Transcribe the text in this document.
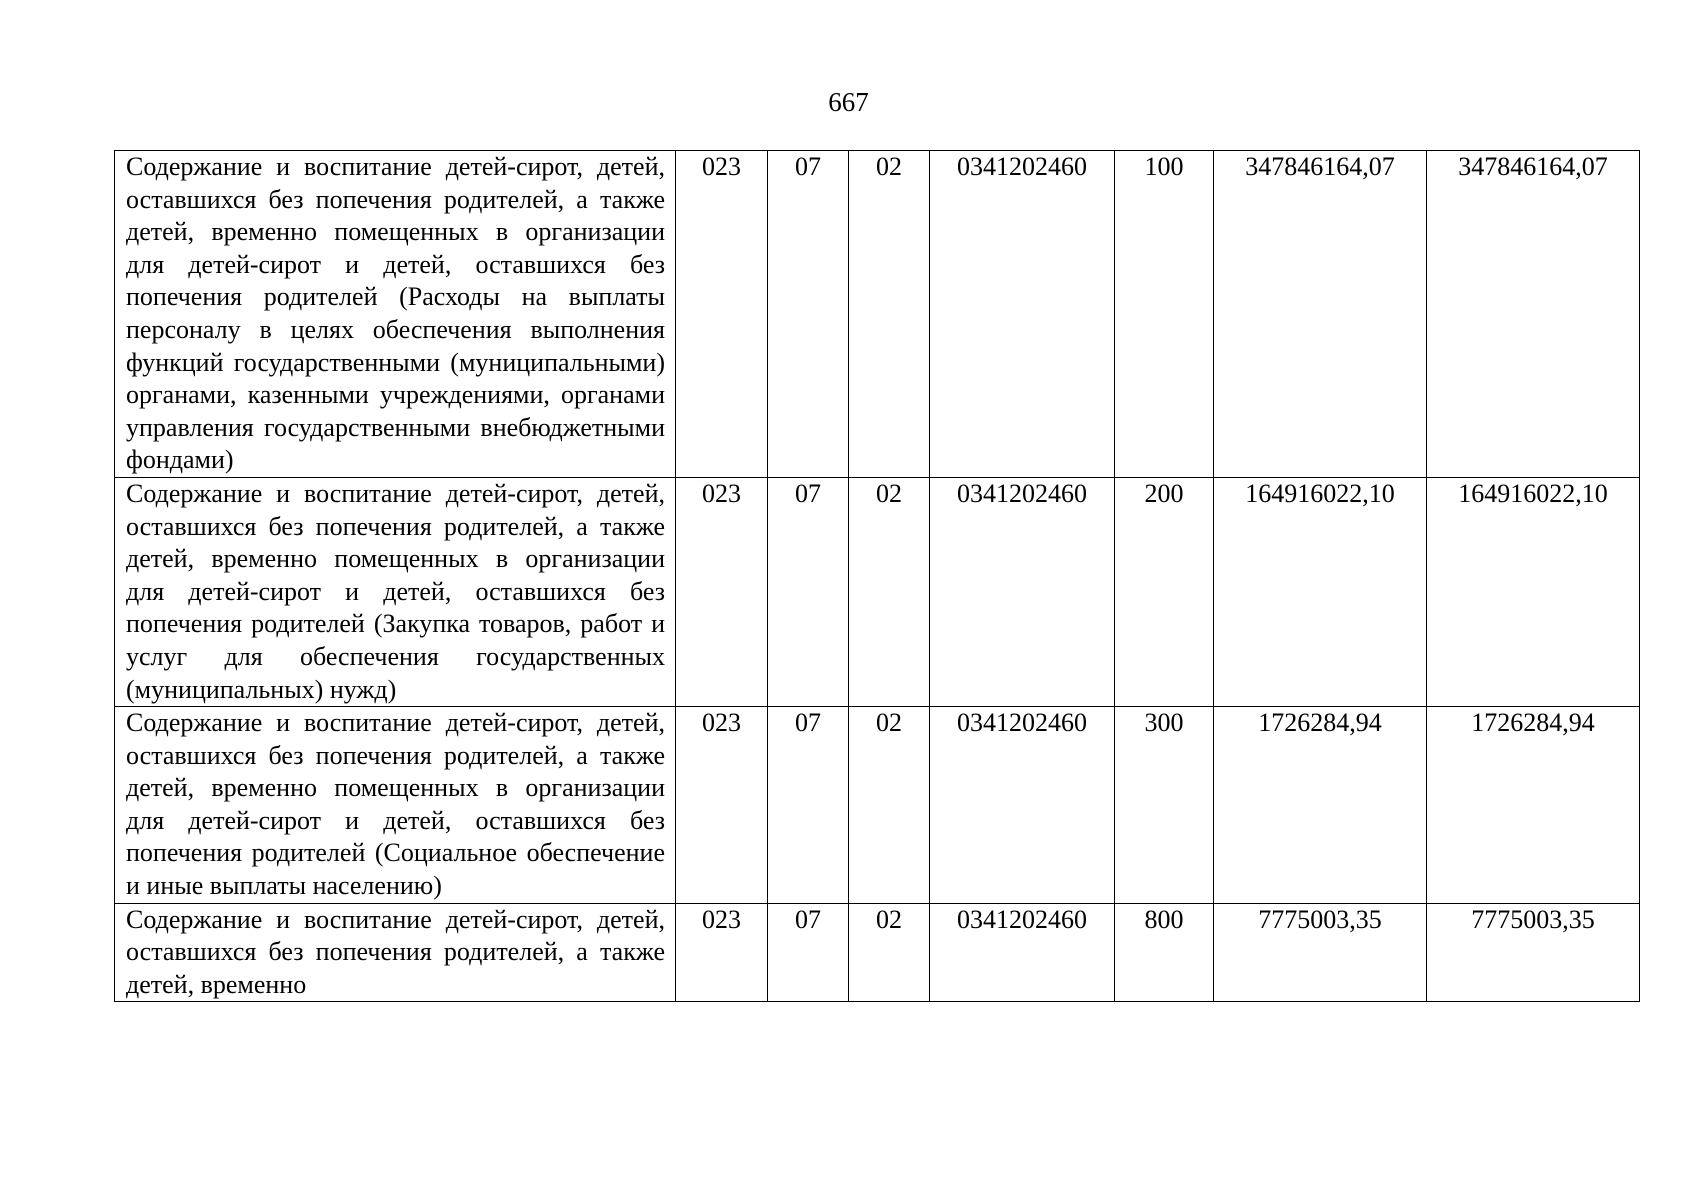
667
Содержание и воспитание детей-сирот, детей, оставшихся без попечения родителей, а также детей, временно помещенных в организации для детей-сирот и детей, оставшихся без попечения родителей (Расходы на выплаты персоналу в целях обеспечения выполнения функций государственными (муниципальными) органами, казенными учреждениями, органами управления государственными внебюджетными фондами)	023	07	02	0341202460	100	347846164,07	347846164,07
Содержание и воспитание детей-сирот, детей, оставшихся без попечения родителей, а также детей, временно помещенных в организации для детей-сирот и детей, оставшихся без попечения родителей (Закупка товаров, работ и услуг для обеспечения государственных (муниципальных) нужд)	023	07	02	0341202460	200	164916022,10	164916022,10
Содержание и воспитание детей-сирот, детей, оставшихся без попечения родителей, а также детей, временно помещенных в организации для детей-сирот и детей, оставшихся без попечения родителей (Социальное обеспечение и иные выплаты населению)	023	07	02	0341202460	300	1726284,94	1726284,94

Содержание и воспитание детей-сирот, детей, оставшихся без попечения родителей, а также детей, временно	023	07	02	0341202460	800	7775003,35	7775003,35
